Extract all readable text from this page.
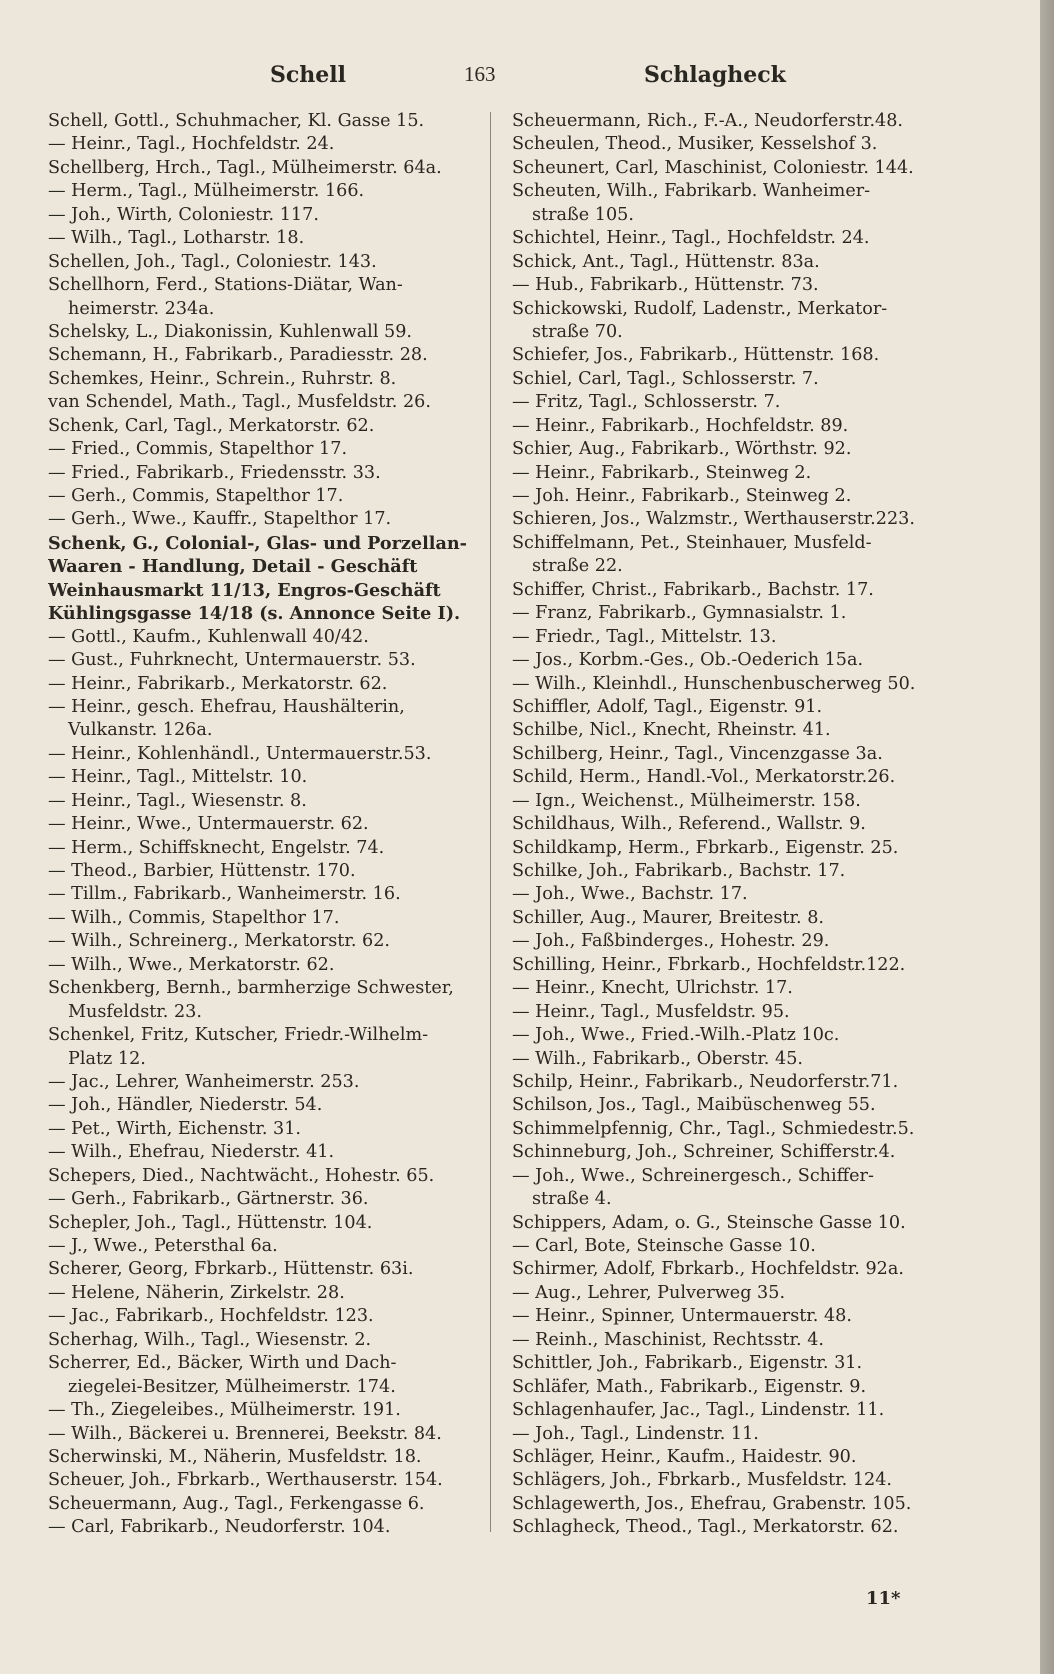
Schell	163	Schlagheck
Schell, Gottl., Schuhmacher, Kl. Gasse 15.
— Heinr., Tagl., Hochfeldstr. 24.
Schellberg, Hrch., Tagl., Mülheimerstr. 64a.
— Herm., Tagl., Mülheimerstr. 166.
— Joh., Wirth, Coloniestr. 117.
— Wilh., Tagl., Lotharstr. 18.
Schellen, Joh., Tagl., Coloniestr. 143.
Schellhorn, Ferd., Stations-Diätar, Wan-
heimerstr. 234a.
Schelsky, L., Diakonissin, Kuhlenwall 59.
Schemann, H., Fabrikarb., Paradiesstr. 28.
Schemkes, Heinr., Schrein., Ruhrstr. 8.
van Schendel, Math., Tagl., Musfeldstr. 26.
Schenk, Carl, Tagl., Merkatorstr. 62.
— Fried., Commis, Stapelthor 17.
— Fried., Fabrikarb., Friedensstr. 33.
— Gerh., Commis, Stapelthor 17.
— Gerh., Wwe., Kauffr., Stapelthor 17.
Schenk, G., Colonial-, Glas- und Porzellan-
Waaren - Handlung, Detail - Geschäft
Weinhausmarkt 11/13, Engros-Geschäft
Kühlingsgasse 14/18 (s. Annonce Seite I).
— Gottl., Kaufm., Kuhlenwall 40/42.
— Gust., Fuhrknecht, Untermauerstr. 53.
— Heinr., Fabrikarb., Merkatorstr. 62.
— Heinr., gesch. Ehefrau, Haushälterin,
Vulkanstr. 126a.
— Heinr., Kohlenhändl., Untermauerstr.53.
— Heinr., Tagl., Mittelstr. 10.
— Heinr., Tagl., Wiesenstr. 8.
— Heinr., Wwe., Untermauerstr. 62.
— Herm., Schiffsknecht, Engelstr. 74.
— Theod., Barbier, Hüttenstr. 170.
— Tillm., Fabrikarb., Wanheimerstr. 16.
— Wilh., Commis, Stapelthor 17.
— Wilh., Schreinerg., Merkatorstr. 62.
— Wilh., Wwe., Merkatorstr. 62.
Schenkberg, Bernh., barmherzige Schwester,
Musfeldstr. 23.
Schenkel, Fritz, Kutscher, Friedr.-Wilhelm-
Platz 12.
— Jac., Lehrer, Wanheimerstr. 253.
— Joh., Händler, Niederstr. 54.
— Pet., Wirth, Eichenstr. 31.
— Wilh., Ehefrau, Niederstr. 41.
Schepers, Died., Nachtwächt., Hohestr. 65.
— Gerh., Fabrikarb., Gärtnerstr. 36.
Schepler, Joh., Tagl., Hüttenstr. 104.
— J., Wwe., Petersthal 6a.
Scherer, Georg, Fbrkarb., Hüttenstr. 63i.
— Helene, Näherin, Zirkelstr. 28.
— Jac., Fabrikarb., Hochfeldstr. 123.
Scherhag, Wilh., Tagl., Wiesenstr. 2.
Scherrer, Ed., Bäcker, Wirth und Dach-
ziegelei-Besitzer, Mülheimerstr. 174.
— Th., Ziegeleibes., Mülheimerstr. 191.
— Wilh., Bäckerei u. Brennerei, Beekstr. 84.
Scherwinski, M., Näherin, Musfeldstr. 18.
Scheuer, Joh., Fbrkarb., Werthauserstr. 154.
Scheuermann, Aug., Tagl., Ferkengasse 6.
— Carl, Fabrikarb., Neudorferstr. 104.
Scheuermann, Rich., F.-A., Neudorferstr.48.
Scheulen, Theod., Musiker, Kesselshof 3.
Scheunert, Carl, Maschinist, Coloniestr. 144.
Scheuten, Wilh., Fabrikarb. Wanheimer-
straße 105.
Schichtel, Heinr., Tagl., Hochfeldstr. 24.
Schick, Ant., Tagl., Hüttenstr. 83a.
— Hub., Fabrikarb., Hüttenstr. 73.
Schickowski, Rudolf, Ladenstr., Merkator-
straße 70.
Schiefer, Jos., Fabrikarb., Hüttenstr. 168.
Schiel, Carl, Tagl., Schlosserstr. 7.
— Fritz, Tagl., Schlosserstr. 7.
— Heinr., Fabrikarb., Hochfeldstr. 89.
Schier, Aug., Fabrikarb., Wörthstr. 92.
— Heinr., Fabrikarb., Steinweg 2.
— Joh. Heinr., Fabrikarb., Steinweg 2.
Schieren, Jos., Walzmstr., Werthauserstr.223.
Schiffelmann, Pet., Steinhauer, Musfeld-
straße 22.
Schiffer, Christ., Fabrikarb., Bachstr. 17.
— Franz, Fabrikarb., Gymnasialstr. 1.
— Friedr., Tagl., Mittelstr. 13.
— Jos., Korbm.-Ges., Ob.-Oederich 15a.
— Wilh., Kleinhdl., Hunschenbuscherweg 50.
Schiffler, Adolf, Tagl., Eigenstr. 91.
Schilbe, Nicl., Knecht, Rheinstr. 41.
Schilberg, Heinr., Tagl., Vincenzgasse 3a.
Schild, Herm., Handl.-Vol., Merkatorstr.26.
— Ign., Weichenst., Mülheimerstr. 158.
Schildhaus, Wilh., Referend., Wallstr. 9.
Schildkamp, Herm., Fbrkarb., Eigenstr. 25.
Schilke, Joh., Fabrikarb., Bachstr. 17.
— Joh., Wwe., Bachstr. 17.
Schiller, Aug., Maurer, Breitestr. 8.
— Joh., Faßbinderges., Hohestr. 29.
Schilling, Heinr., Fbrkarb., Hochfeldstr.122.
— Heinr., Knecht, Ulrichstr. 17.
— Heinr., Tagl., Musfeldstr. 95.
— Joh., Wwe., Fried.-Wilh.-Platz 10c.
— Wilh., Fabrikarb., Oberstr. 45.
Schilp, Heinr., Fabrikarb., Neudorferstr.71.
Schilson, Jos., Tagl., Maibüschenweg 55.
Schimmelpfennig, Chr., Tagl., Schmiedestr.5.
Schinneburg, Joh., Schreiner, Schifferstr.4.
— Joh., Wwe., Schreinergesch., Schiffer-
straße 4.
Schippers, Adam, o. G., Steinsche Gasse 10.
— Carl, Bote, Steinsche Gasse 10.
Schirmer, Adolf, Fbrkarb., Hochfeldstr. 92a.
— Aug., Lehrer, Pulverweg 35.
— Heinr., Spinner, Untermauerstr. 48.
— Reinh., Maschinist, Rechtsstr. 4.
Schittler, Joh., Fabrikarb., Eigenstr. 31.
Schläfer, Math., Fabrikarb., Eigenstr. 9.
Schlagenhaufer, Jac., Tagl., Lindenstr. 11.
— Joh., Tagl., Lindenstr. 11.
Schläger, Heinr., Kaufm., Haidestr. 90.
Schlägers, Joh., Fbrkarb., Musfeldstr. 124.
Schlagewerth, Jos., Ehefrau, Grabenstr. 105.
Schlagheck, Theod., Tagl., Merkatorstr. 62.
11*
